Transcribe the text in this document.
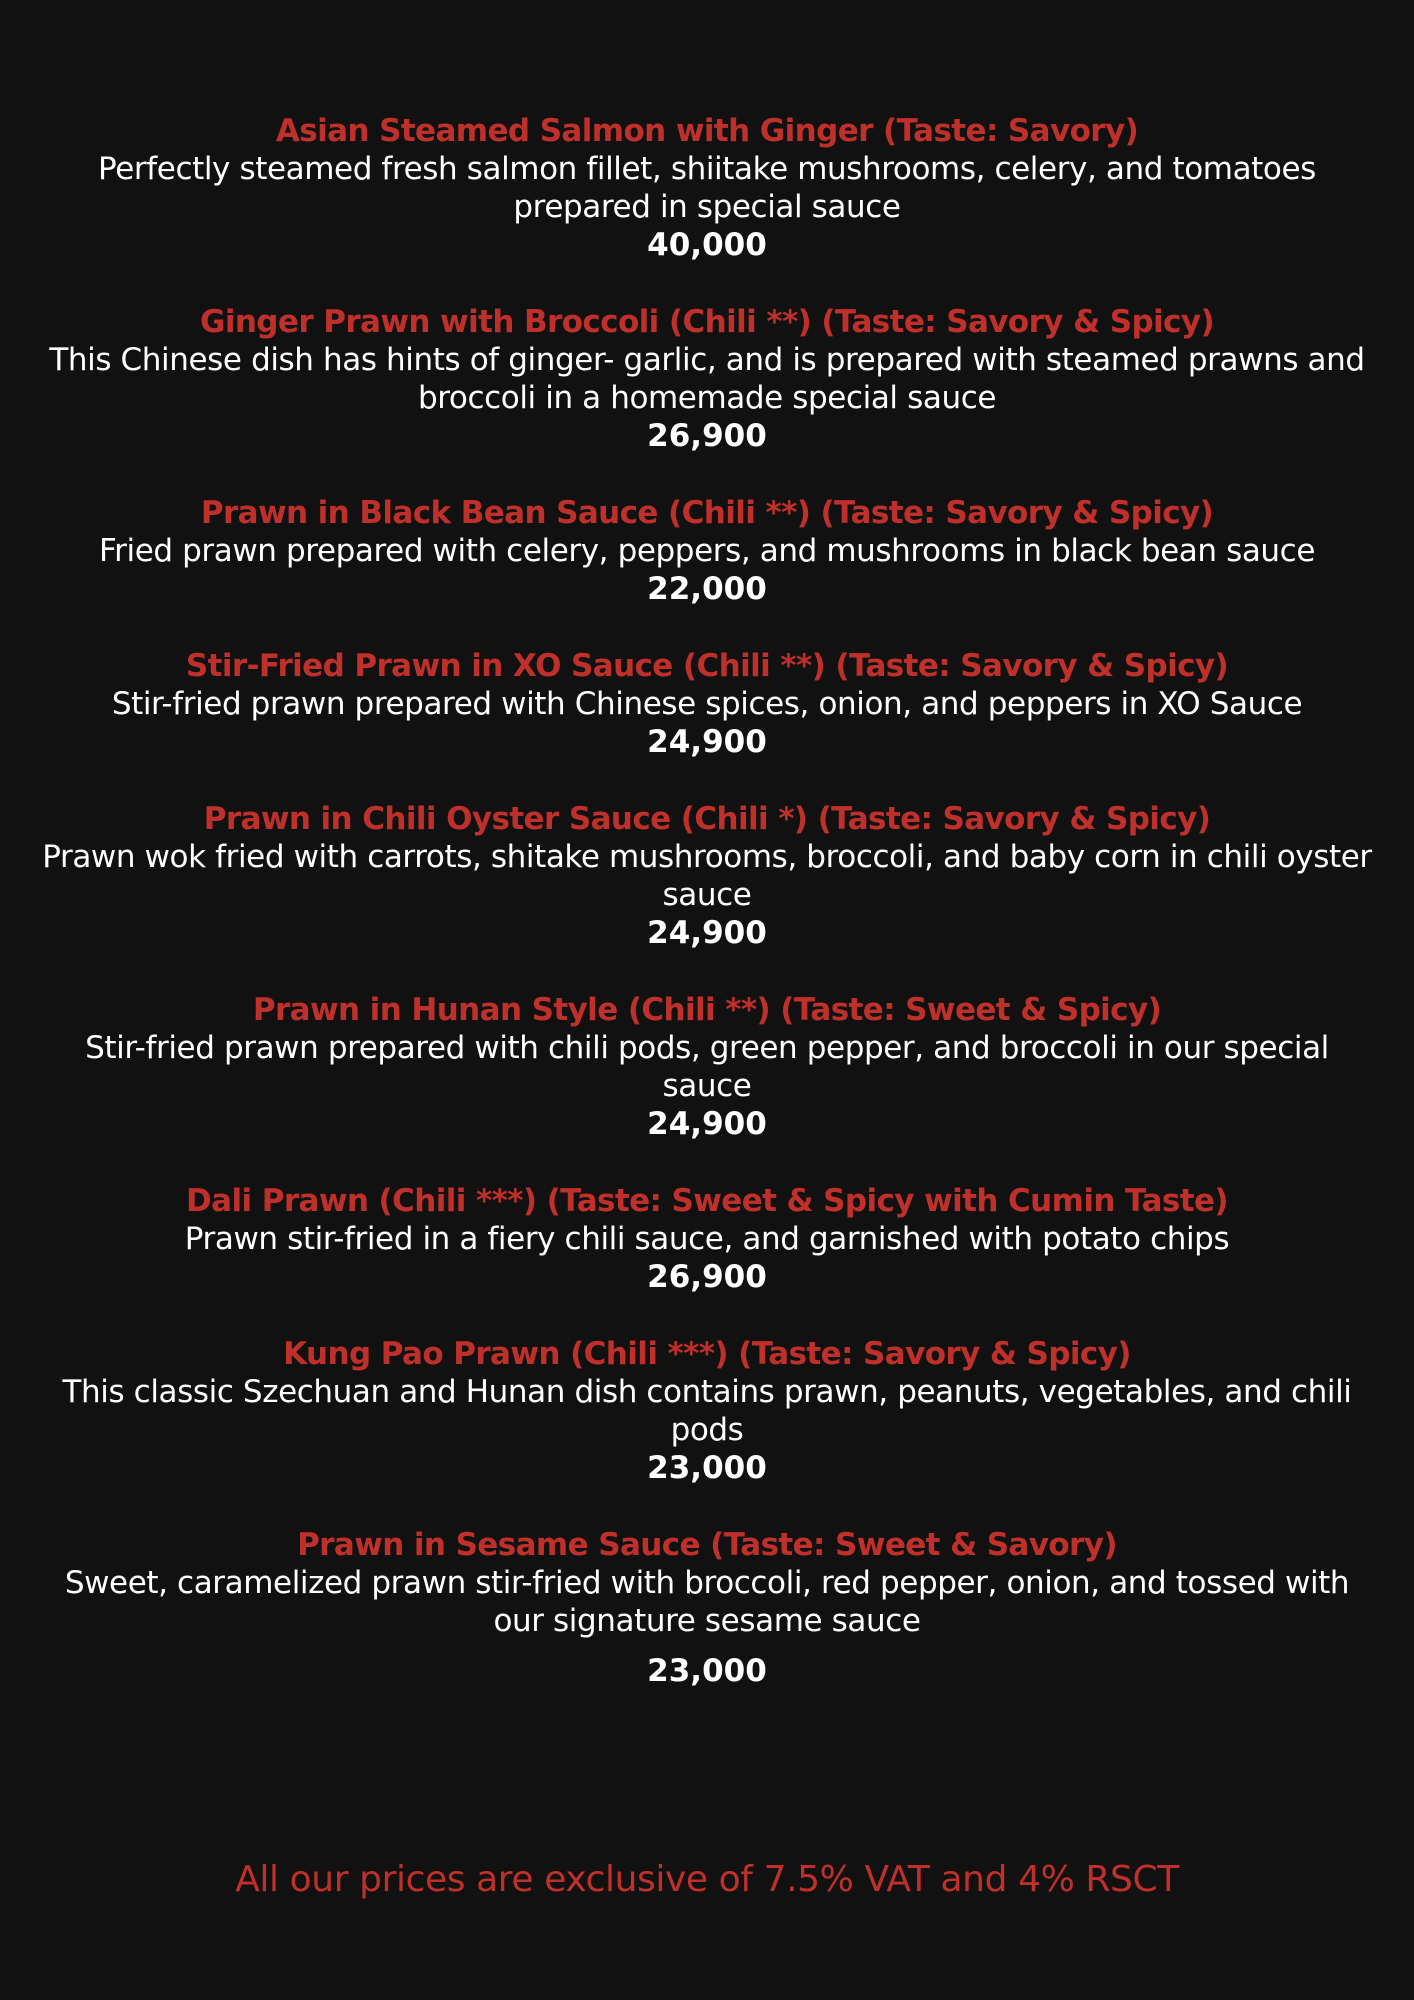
Asian Steamed Salmon with Ginger (Taste: Savory)
Perfectly steamed fresh salmon fillet, shiitake mushrooms, celery, and tomatoes prepared in special sauce
40,000
Ginger Prawn with Broccoli (Chili **) (Taste: Savory & Spicy)
This Chinese dish has hints of ginger- garlic, and is prepared with steamed prawns and broccoli in a homemade special sauce
26,900
Prawn in Black Bean Sauce (Chili **) (Taste: Savory & Spicy)
Fried prawn prepared with celery, peppers, and mushrooms in black bean sauce
22,000
Stir-Fried Prawn in XO Sauce (Chili **) (Taste: Savory & Spicy)
Stir-fried prawn prepared with Chinese spices, onion, and peppers in XO Sauce
24,900
Prawn in Chili Oyster Sauce (Chili *) (Taste: Savory & Spicy)
Prawn wok fried with carrots, shitake mushrooms, broccoli, and baby corn in chili oyster sauce
24,900
Prawn in Hunan Style (Chili **) (Taste: Sweet & Spicy)
Stir-fried prawn prepared with chili pods, green pepper, and broccoli in our special sauce
24,900
Dali Prawn (Chili ***) (Taste: Sweet & Spicy with Cumin Taste)
Prawn stir-fried in a fiery chili sauce, and garnished with potato chips
26,900
Kung Pao Prawn (Chili ***) (Taste: Savory & Spicy)
This classic Szechuan and Hunan dish contains prawn, peanuts, vegetables, and chili pods
23,000
Prawn in Sesame Sauce (Taste: Sweet & Savory)
Sweet, caramelized prawn stir-fried with broccoli, red pepper, onion, and tossed with our signature sesame sauce
23,000
All our prices are exclusive of 7.5% VAT and 4% RSCT
